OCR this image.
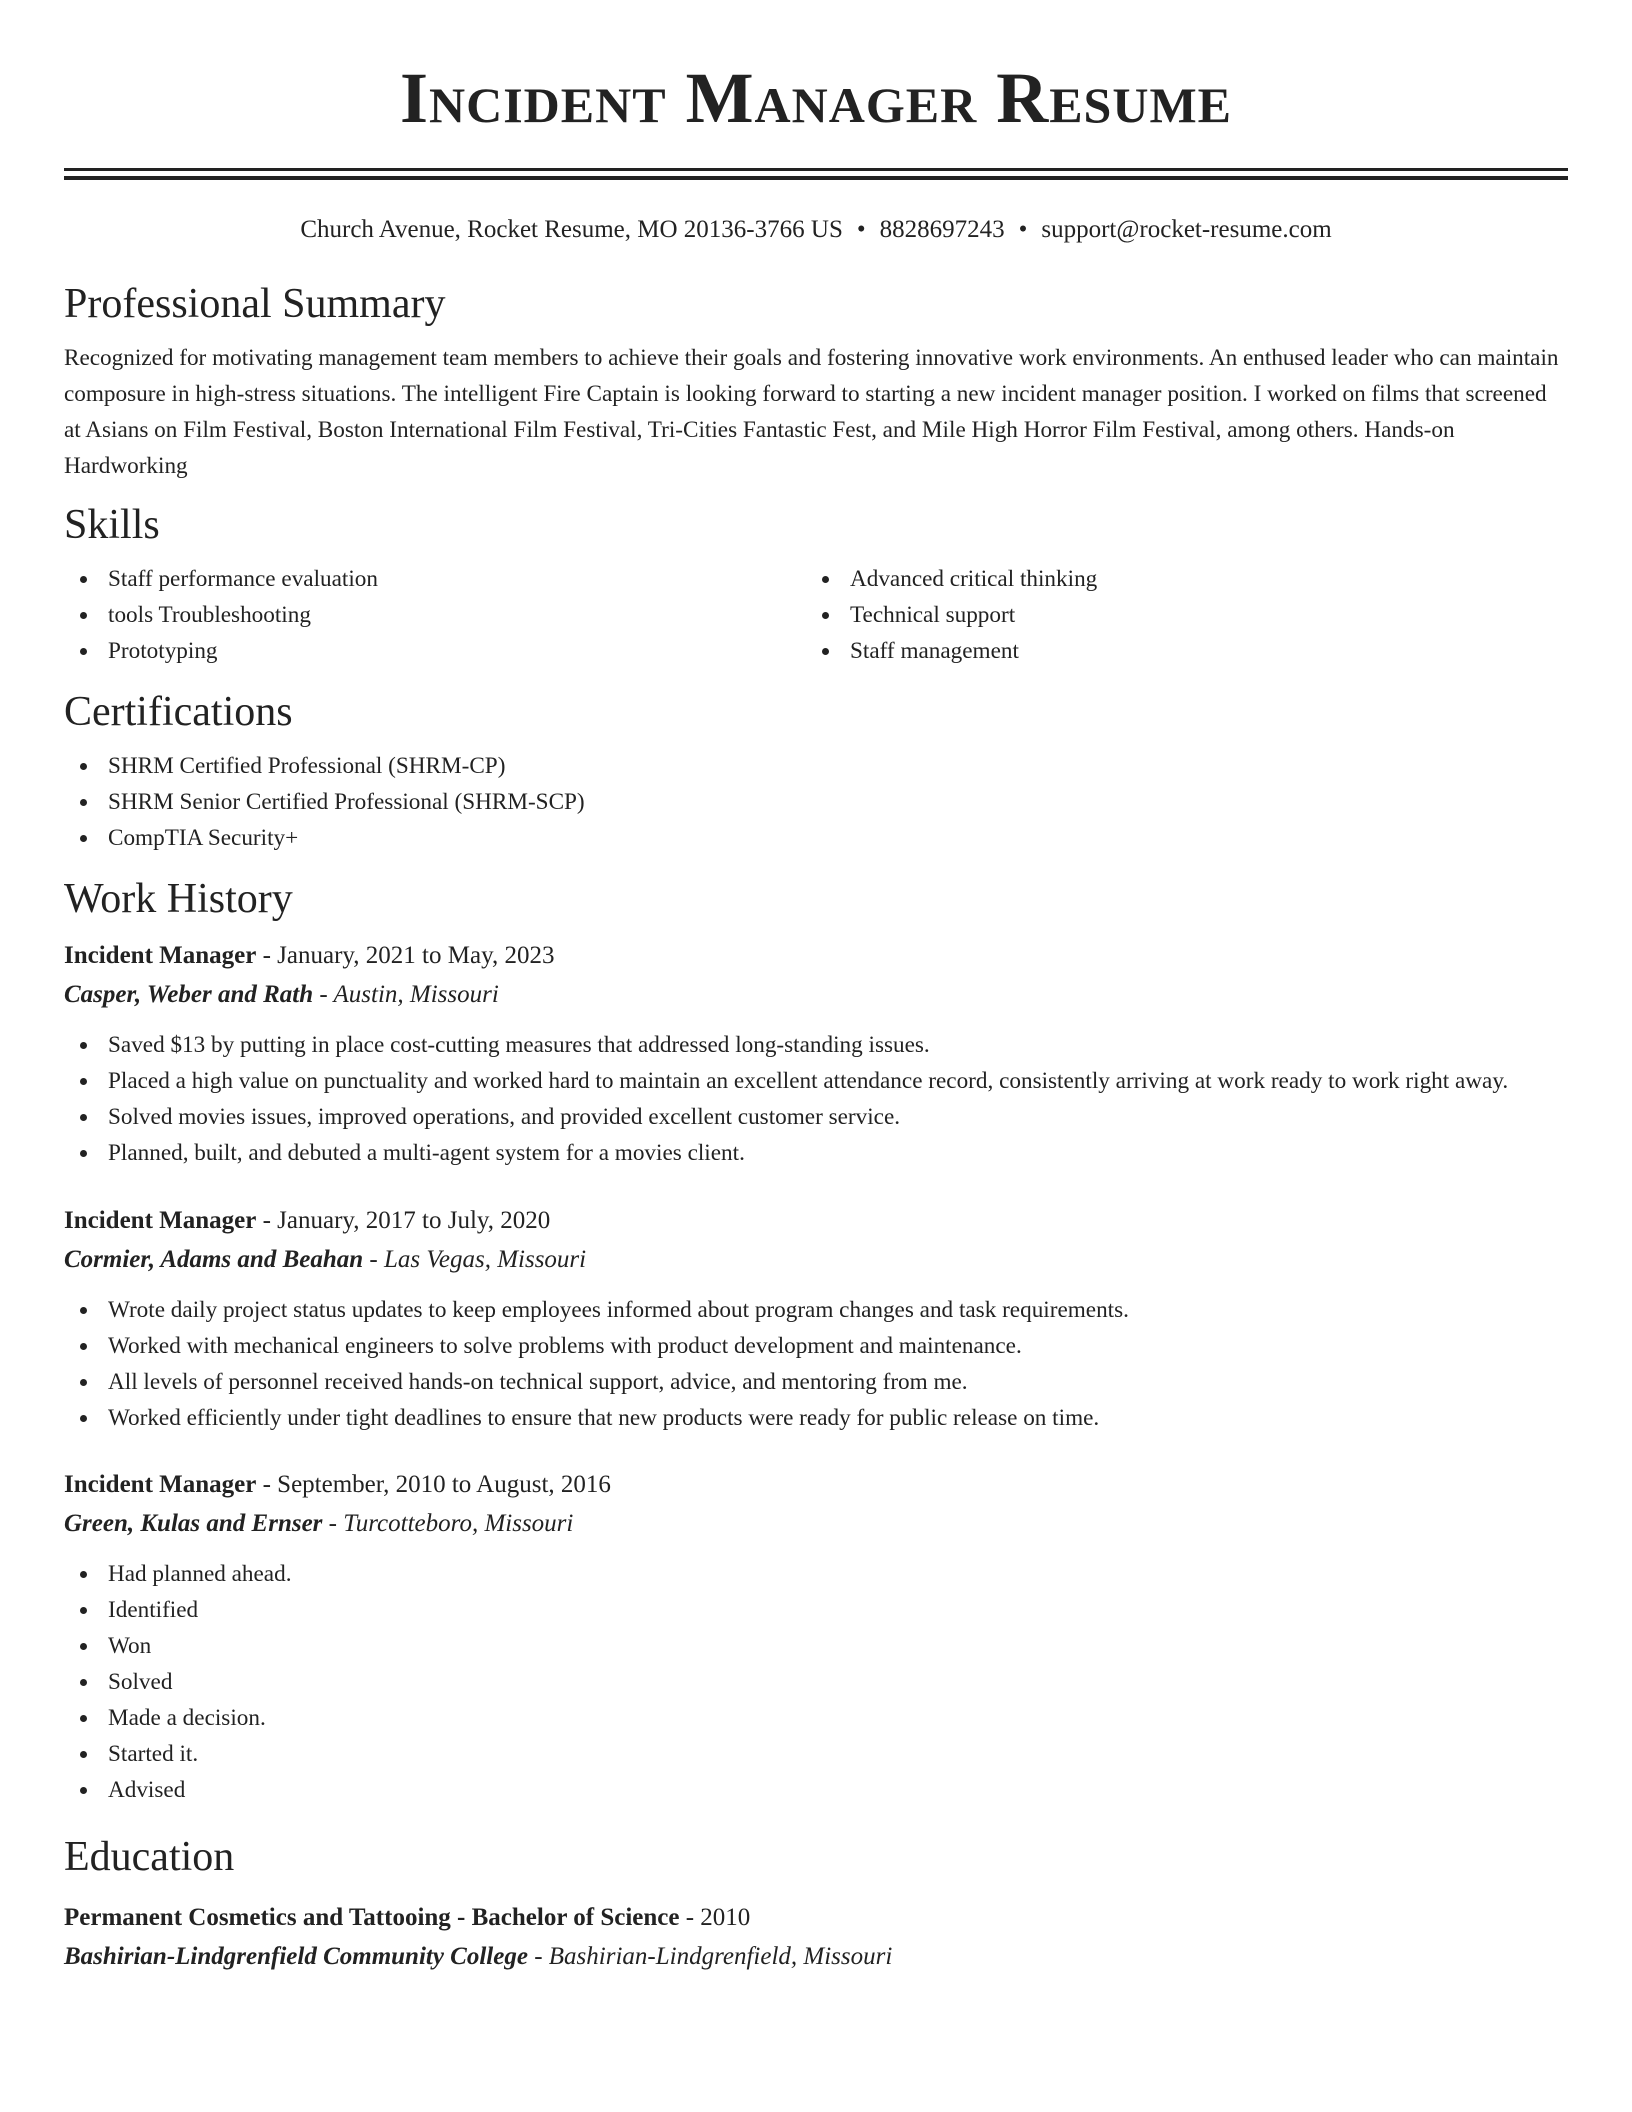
Incident Manager Resume
Church Avenue, Rocket Resume, MO 20136-3766 US • 8828697243 • support@rocket-resume.com
Professional Summary

Recognized for motivating management team members to achieve their goals and fostering innovative work environments. An enthused leader who can maintain composure in high-stress situations. The intelligent Fire Captain is looking forward to starting a new incident manager position. I worked on films that screened at Asians on Film Festival, Boston International Film Festival, Tri-Cities Fantastic Fest, and Mile High Horror Film Festival, among others. Hands-on Hardworking

Skills
Staff performance evaluation
tools Troubleshooting
Prototyping
Advanced critical thinking
Technical support
Staff management
Certifications
SHRM Certified Professional (SHRM-CP)
SHRM Senior Certified Professional (SHRM-SCP)
CompTIA Security+
Work History
Incident Manager - January, 2021 to May, 2023
Casper, Weber and Rath - Austin, Missouri
Saved $13 by putting in place cost-cutting measures that addressed long-standing issues.
Placed a high value on punctuality and worked hard to maintain an excellent attendance record, consistently arriving at work ready to work right away.
Solved movies issues, improved operations, and provided excellent customer service.
Planned, built, and debuted a multi-agent system for a movies client.
Incident Manager - January, 2017 to July, 2020
Cormier, Adams and Beahan - Las Vegas, Missouri
Wrote daily project status updates to keep employees informed about program changes and task requirements.
Worked with mechanical engineers to solve problems with product development and maintenance.
All levels of personnel received hands-on technical support, advice, and mentoring from me.
Worked efficiently under tight deadlines to ensure that new products were ready for public release on time.
Incident Manager - September, 2010 to August, 2016
Green, Kulas and Ernser - Turcotteboro, Missouri
Had planned ahead.
Identified
Won
Solved
Made a decision.
Started it.
Advised
Education
Permanent Cosmetics and Tattooing - Bachelor of Science - 2010
Bashirian-Lindgrenfield Community College - Bashirian-Lindgrenfield, Missouri
